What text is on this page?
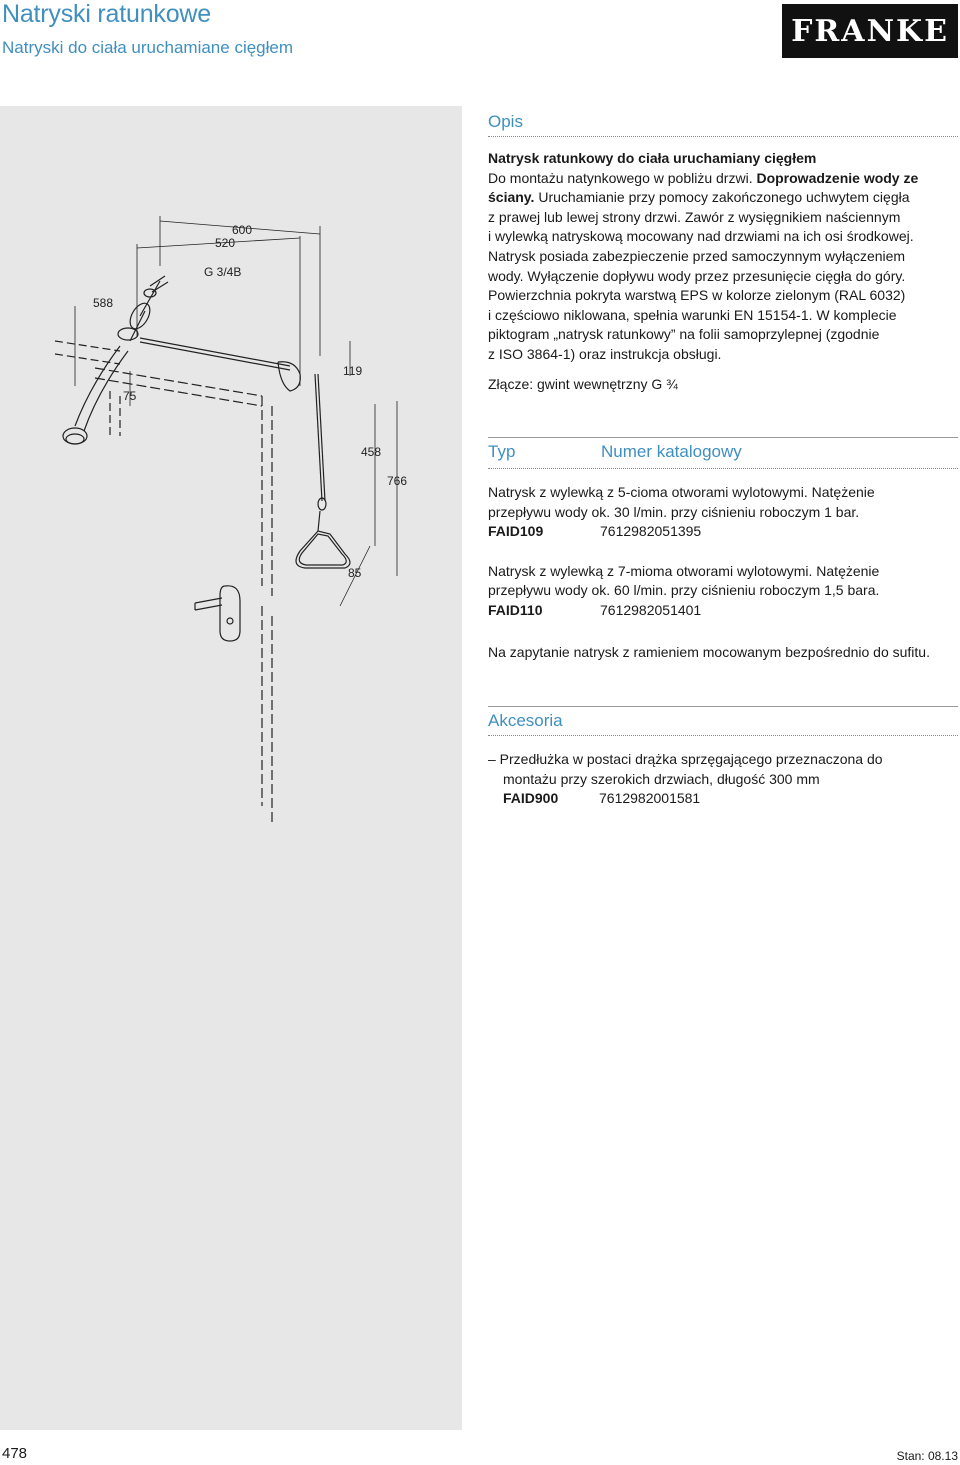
Natryski ratunkowe
Natryski do ciała uruchamiane cięgłem	FRANKE
600
520
G 3/4B
588
119
75
458
766
85
Opis
Natrysk ratunkowy do ciała uruchamiany cięgłem
Do montażu natynkowego w pobliżu drzwi. Doprowadzenie wody ze
ściany. Uruchamianie przy pomocy zakończonego uchwytem cięgła
z prawej lub lewej strony drzwi. Zawór z wysięgnikiem naściennym
i wylewką natryskową mocowany nad drzwiami na ich osi środkowej.
Natrysk posiada zabezpieczenie przed samoczynnym wyłączeniem
wody. Wyłączenie dopływu wody przez przesunięcie cięgła do góry.
Powierzchnia pokryta warstwą EPS w kolorze zielonym (RAL 6032)
i częściowo niklowana, spełnia warunki EN 15154-1. W komplecie
piktogram „natrysk ratunkowy” na folii samoprzylepnej (zgodnie
z ISO 3864-1) oraz instrukcja obsługi.
Złącze: gwint wewnętrzny G ¾
Typ	Numer katalogowy
Natrysk z wylewką z 5-cioma otworami wylotowymi. Natężenie
przepływu wody ok. 30 l/min. przy ciśnieniu roboczym 1 bar.
FAID109	7612982051395
Natrysk z wylewką z 7-mioma otworami wylotowymi. Natężenie
przepływu wody ok. 60 l/min. przy ciśnieniu roboczym 1,5 bara.
FAID110	7612982051401
Na zapytanie natrysk z ramieniem mocowanym bezpośrednio do sufitu.
Akcesoria
– Przedłużka w postaci drążka sprzęgającego przeznaczona do
montażu przy szerokich drzwiach, długość 300 mm
FAID900	7612982001581
478	Stan: 08.13
